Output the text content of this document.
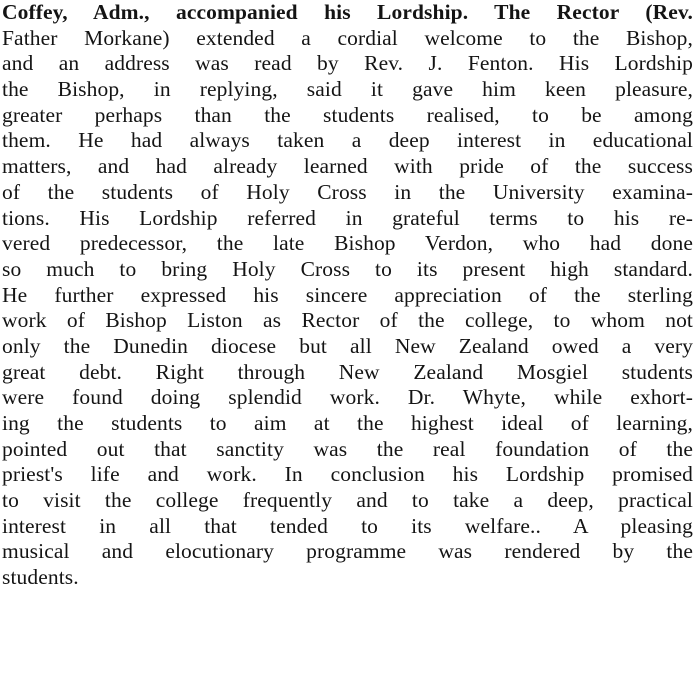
Coffey, Adm., accompanied his Lordship. The Rector (Rev.
Father Morkane) extended a cordial welcome to the Bishop,
and an address was read by Rev. J. Fenton. His Lordship
the Bishop, in replying, said it gave him keen pleasure,
greater perhaps than the students realised, to be among
them. He had always taken a deep interest in educational
matters, and had already learned with pride of the success
of the students of Holy Cross in the University examina-
tions. His Lordship referred in grateful terms to his re-
vered predecessor, the late Bishop Verdon, who had done
so much to bring Holy Cross to its present high standard.
He further expressed his sincere appreciation of the sterling
work of Bishop Liston as Rector of the college, to whom not
only the Dunedin diocese but all New Zealand owed a very
great debt. Right through New Zealand Mosgiel students
were found doing splendid work. Dr. Whyte, while exhort-
ing the students to aim at the highest ideal of learning,
pointed out that sanctity was the real foundation of the
priest's life and work. In conclusion his Lordship promised
to visit the college frequently and to take a deep, practical
interest in all that tended to its welfare.. A pleasing
musical and elocutionary programme was rendered by the
students.
